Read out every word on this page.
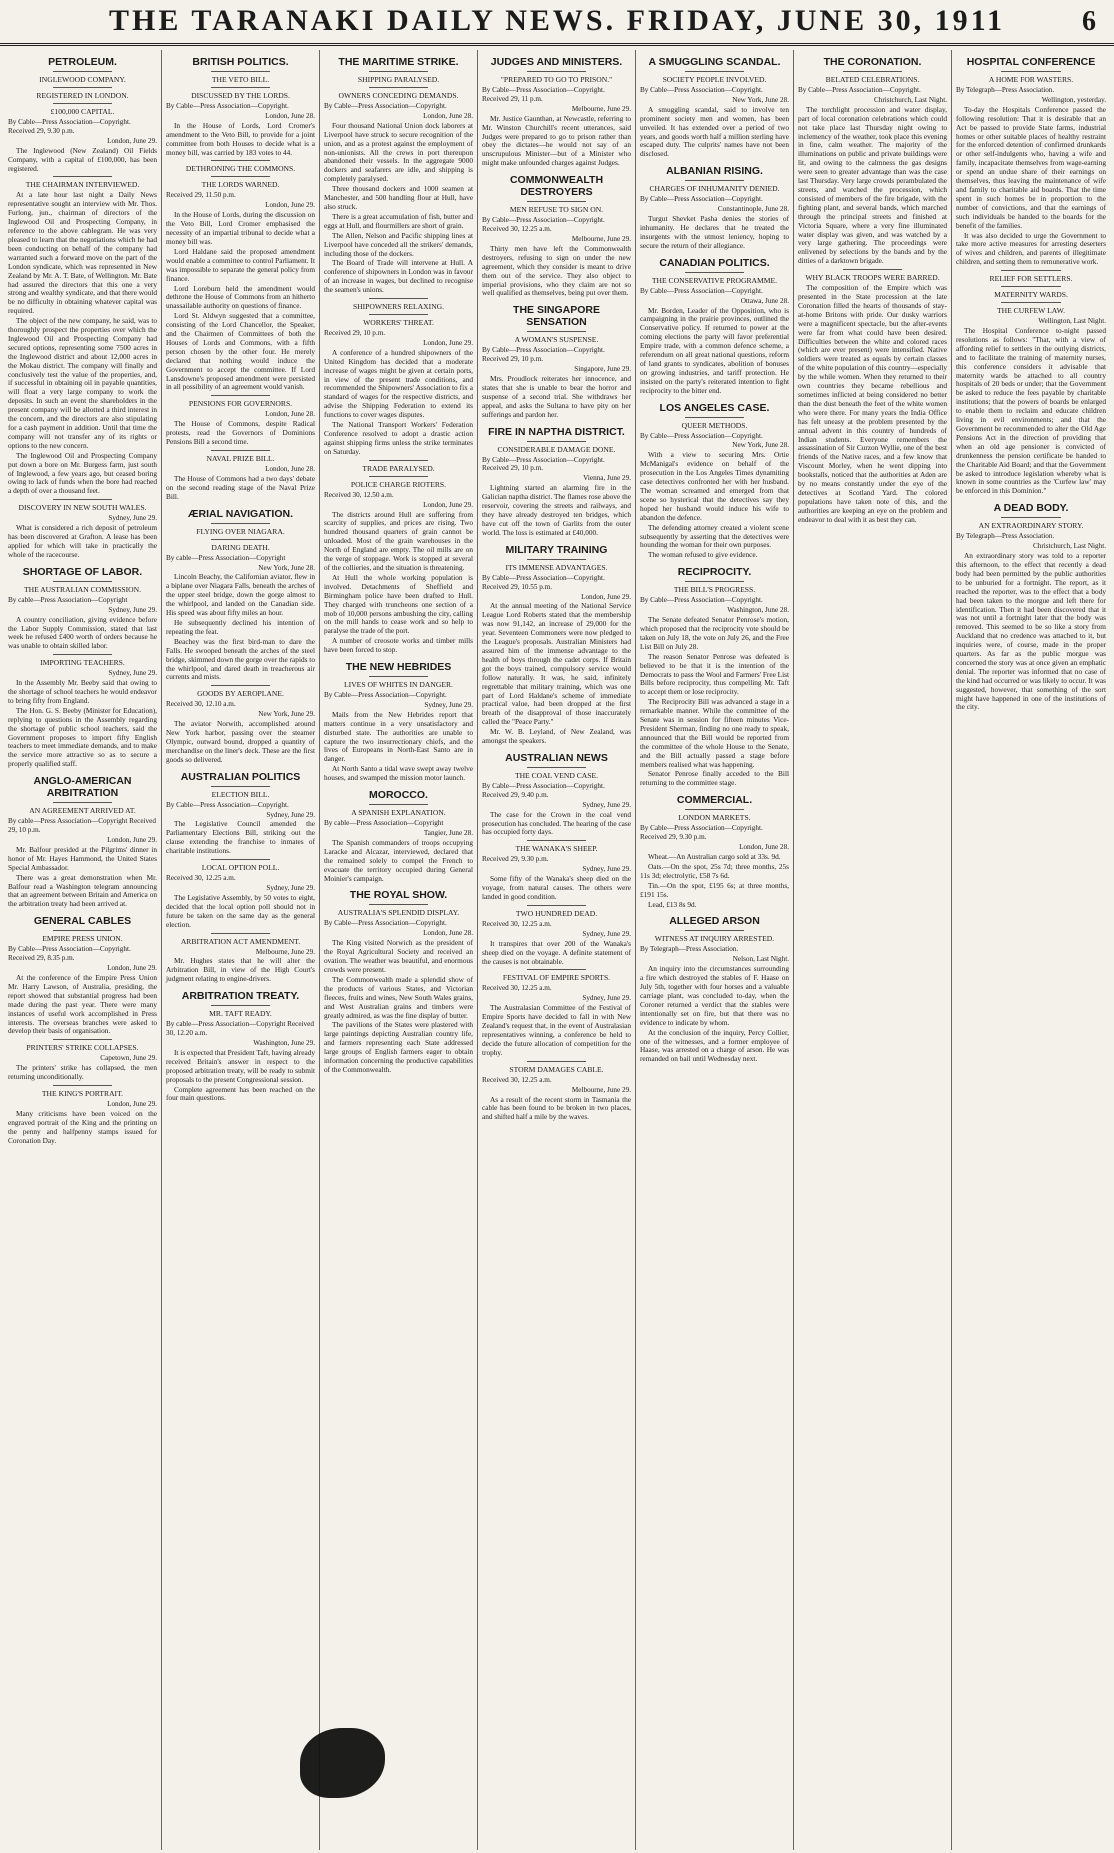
THE TARANAKI DAILY NEWS. FRIDAY, JUNE 30, 1911	6
PETROLEUM.
INGLEWOOD COMPANY.
REGISTERED IN LONDON.
£100,000 CAPITAL.
By Cable—Press Association—Copyright. Received 29, 9.30 p.m.
London, June 29.

The Inglewood (New Zealand) Oil Fields Company, with a capital of £100,000, has been registered.

THE CHAIRMAN INTERVIEWED.

At a late hour last night a Daily News representative sought an interview with Mr. Thos. Furlong, jun., chairman of directors of the Inglewood Oil and Prospecting Company, in reference to the above cablegram. He was very pleased to learn that the negotiations which he had been conducting on behalf of the company had warranted such a forward move on the part of the London syndicate, which was represented in New Zealand by Mr. A. T. Bate, of Wellington. Mr. Bate had assured the directors that this one a very strong and wealthy syndicate, and that there would be no difficulty in obtaining whatever capital was required.

The object of the new company, he said, was to thoroughly prospect the properties over which the Inglewood Oil and Prospecting Company had secured options, representing some 7500 acres in the Inglewood district and about 12,000 acres in the Mokau district. The company will finally and conclusively test the value of the properties, and, if successful in obtaining oil in payable quantities, will float a very large company to work the deposits. In such an event the shareholders in the present company will be allotted a third interest in the concern, and the directors are also stipulating for a cash payment in addition. Until that time the company will not transfer any of its rights or options to the new concern.

The Inglewood Oil and Prospecting Company put down a bore on Mr. Burgess farm, just south of Inglewood, a few years ago, but ceased boring owing to lack of funds when the bore had reached a depth of over a thousand feet.

DISCOVERY IN NEW SOUTH WALES.
Sydney, June 29.

What is considered a rich deposit of petroleum has been discovered at Grafton. A lease has been applied for which will take in practically the whole of the racecourse.

SHORTAGE OF LABOR.
THE AUSTRALIAN COMMISSION.
By cable—Press Association—Copyright
Sydney, June 29.

A country conciliation, giving evidence before the Labor Supply Commission, stated that last week he refused £400 worth of orders because he was unable to obtain skilled labor.

IMPORTING TEACHERS.
Sydney, June 29.

In the Assembly Mr. Beeby said that owing to the shortage of school teachers he would endeavor to bring fifty from England.

The Hon. G. S. Beeby (Minister for Education), replying to questions in the Assembly regarding the shortage of public school teachers, said the Government proposes to import fifty English teachers to meet immediate demands, and to make the service more attractive so as to secure a properly qualified staff.

ANGLO-AMERICAN ARBITRATION
AN AGREEMENT ARRIVED AT.
By cable—Press Association—Copyright Received 29, 10 p.m.
London, June 29.

Mr. Balfour presided at the Pilgrims' dinner in honor of Mr. Hayes Hammond, the United States Special Ambassador.

There was a great demonstration when Mr. Balfour read a Washington telegram announcing that an agreement between Britain and America on the arbitration treaty had been arrived at.

GENERAL CABLES
EMPIRE PRESS UNION.
By Cable—Press Association—Copyright. Received 29, 8.35 p.m.
London, June 29.

At the conference of the Empire Press Union Mr. Harry Lawson, of Australia, presiding, the report showed that substantial progress had been made during the past year. There were many instances of useful work accomplished in Press interests. The overseas branches were asked to develop their basis of organisation.

PRINTERS' STRIKE COLLAPSES.
Capetown, June 29.

The printers' strike has collapsed, the men returning unconditionally.

THE KING'S PORTRAIT.
London, June 29.

Many criticisms have been voiced on the engraved portrait of the King and the printing on the penny and halfpenny stamps issued for Coronation Day.

BRITISH POLITICS.
THE VETO BILL.
DISCUSSED BY THE LORDS.
By Cable—Press Association—Copyright.
London, June 28.

In the House of Lords, Lord Cromer's amendment to the Veto Bill, to provide for a joint committee from both Houses to decide what is a money bill, was carried by 183 votes to 44.

DETHRONING THE COMMONS.
THE LORDS WARNED.
Received 29, 11.50 p.m.
London, June 29.

In the House of Lords, during the discussion on the Veto Bill, Lord Cromer emphasised the necessity of an impartial tribunal to decide what a money bill was.

Lord Haldane said the proposed amendment would enable a committee to control Parliament. It was impossible to separate the general policy from finance.

Lord Loreburn held the amendment would dethrone the House of Commons from an hitherto unassailable authority on questions of finance.

Lord St. Aldwyn suggested that a committee, consisting of the Lord Chancellor, the Speaker, and the Chairmen of Committees of both the Houses of Lords and Commons, with a fifth person chosen by the other four. He merely declared that nothing would induce the Government to accept the committee. If Lord Lansdowne's proposed amendment were persisted in all possibility of an agreement would vanish.

PENSIONS FOR GOVERNORS.
London, June 28.

The House of Commons, despite Radical protests, read the Governors of Dominions Pensions Bill a second time.

NAVAL PRIZE BILL.
London, June 28.

The House of Commons had a two days' debate on the second reading stage of the Naval Prize Bill.

ÆRIAL NAVIGATION.
FLYING OVER NIAGARA.
DARING DEATH.
By cable—Press Association—Copyright
New York, June 28.

Lincoln Beachy, the Californian aviator, flew in a biplane over Niagara Falls, beneath the arches of the upper steel bridge, down the gorge almost to the whirlpool, and landed on the Canadian side. His speed was about fifty miles an hour.

He subsequently declined his intention of repeating the feat.

Beachey was the first bird-man to dare the Falls. He swooped beneath the arches of the steel bridge, skimmed down the gorge over the rapids to the whirlpool, and dared death in treacherous air currents and mists.

GOODS BY AEROPLANE.
Received 30, 12.10 a.m.
New York, June 29.

The aviator Norwith, accomplished around New York harbor, passing over the steamer Olympic, outward bound, dropped a quantity of merchandise on the liner's deck. These are the first goods so delivered.

AUSTRALIAN POLITICS
ELECTION BILL.
By Cable—Press Association—Copyright.
Sydney, June 29.

The Legislative Council amended the Parliamentary Elections Bill, striking out the clause extending the franchise to inmates of charitable institutions.

LOCAL OPTION POLL.
Received 30, 12.25 a.m.
Sydney, June 29.

The Legislative Assembly, by 50 votes to eight, decided that the local option poll should not in future be taken on the same day as the general election.

ARBITRATION ACT AMENDMENT.
Melbourne, June 29.

Mr. Hughes states that he will alter the Arbitration Bill, in view of the High Court's judgment relating to engine-drivers.

ARBITRATION TREATY.
MR. TAFT READY.
By cable—Press Association—Copyright Received 30, 12.20 a.m.
Washington, June 29.

It is expected that President Taft, having already received Britain's answer in respect to the proposed arbitration treaty, will be ready to submit proposals to the present Congressional session.

Complete agreement has been reached on the four main questions.

THE MARITIME STRIKE.
SHIPPING PARALYSED.
OWNERS CONCEDING DEMANDS.
By Cable—Press Association—Copyright.
London, June 28.

Four thousand National Union dock laborers at Liverpool have struck to secure recognition of the union, and as a protest against the employment of non-unionists. All the crews in port thereupon abandoned their vessels. In the aggregate 9000 dockers and seafarers are idle, and shipping is completely paralysed.

Three thousand dockers and 1000 seamen at Manchester, and 500 handling flour at Hull, have also struck.

There is a great accumulation of fish, butter and eggs at Hull, and flourmillers are short of grain.

The Allen, Nelson and Pacific shipping lines at Liverpool have conceded all the strikers' demands, including those of the dockers.

The Board of Trade will intervene at Hull. A conference of shipowners in London was in favour of an increase in wages, but declined to recognise the seamen's unions.

SHIPOWNERS RELAXING.
WORKERS' THREAT.
Received 29, 10 p.m.
London, June 29.

A conference of a hundred shipowners of the United Kingdom has decided that a moderate increase of wages might be given at certain ports, in view of the present trade conditions, and recommended the Shipowners' Association to fix a standard of wages for the respective districts, and advise the Shipping Federation to extend its functions to cover wages disputes.

The National Transport Workers' Federation Conference resolved to adopt a drastic action against shipping firms unless the strike terminates on Saturday.

TRADE PARALYSED.
POLICE CHARGE RIOTERS.
Received 30, 12.50 a.m.
London, June 29.

The districts around Hull are suffering from scarcity of supplies, and prices are rising. Two hundred thousand quarters of grain cannot be unloaded. Most of the grain warehouses in the North of England are empty. The oil mills are on the verge of stoppage. Work is stopped at several of the collieries, and the situation is threatening.

At Hull the whole working population is involved. Detachments of Sheffield and Birmingham police have been drafted to Hull. They charged with truncheons one section of a mob of 10,000 persons ambushing the city, calling on the mill hands to cease work and so help to paralyse the trade of the port.

A number of creosote works and timber mills have been forced to stop.

THE NEW HEBRIDES
LIVES OF WHITES IN DANGER.
By Cable—Press Association—Copyright.
Sydney, June 29.

Mails from the New Hebrides report that matters continue in a very unsatisfactory and disturbed state. The authorities are unable to capture the two insurrectionary chiefs, and the lives of Europeans in North-East Santo are in danger.

At North Santo a tidal wave swept away twelve houses, and swamped the mission motor launch.

MOROCCO.
A SPANISH EXPLANATION.
By cable—Press Association—Copyright
Tangier, June 28.

The Spanish commanders of troops occupying Laracke and Alcazar, interviewed, declared that the remained solely to compel the French to evacuate the territory occupied during General Moinier's campaign.

THE ROYAL SHOW.
AUSTRALIA'S SPLENDID DISPLAY.
By Cable—Press Association—Copyright.
London, June 28.

The King visited Norwich as the president of the Royal Agricultural Society and received an ovation. The weather was beautiful, and enormous crowds were present.

The Commonwealth made a splendid show of the products of various States, and Victorian fleeces, fruits and wines, New South Wales grains, and West Australian grains and timbers were greatly admired, as was the fine display of butter.

The pavilions of the States were plastered with large paintings depicting Australian country life, and farmers representing each State addressed large groups of English farmers eager to obtain information concerning the productive capabilities of the Commonwealth.

JUDGES AND MINISTERS.
"PREPARED TO GO TO PRISON."
By Cable—Press Association—Copyright. Received 29, 11 p.m.
Melbourne, June 29.

Mr. Justice Gaunthan, at Newcastle, referring to Mr. Winston Churchill's recent utterances, said Judges were prepared to go to prison rather than obey the dictates—he would not say of an unscrupulous Minister—but of a Minister who might make unfounded charges against Judges.

COMMONWEALTH DESTROYERS
MEN REFUSE TO SIGN ON.
By Cable—Press Association—Copyright. Received 30, 12.25 a.m.
Melbourne, June 29.

Thirty men have left the Commonwealth destroyers, refusing to sign on under the new agreement, which they consider is meant to drive them out of the service. They also object to imperial provisions, who they claim are not so well qualified as themselves, being put over them.

THE SINGAPORE SENSATION
A WOMAN'S SUSPENSE.
By Cable—Press Association—Copyright. Received 29, 10 p.m.
Singapore, June 29.

Mrs. Proudlock reiterates her innocence, and states that she is unable to bear the horror and suspense of a second trial. She withdraws her appeal, and asks the Sultana to have pity on her sufferings and pardon her.

FIRE IN NAPTHA DISTRICT.
CONSIDERABLE DAMAGE DONE.
By Cable—Press Association—Copyright. Received 29, 10 p.m.
Vienna, June 29.

Lightning started an alarming fire in the Galician naptha district. The flames rose above the reservoir, covering the streets and railways, and they have already destroyed ten bridges, which have cut off the town of Garlits from the outer world. The loss is estimated at £40,000.

MILITARY TRAINING
ITS IMMENSE ADVANTAGES.
By Cable—Press Association—Copyright. Received 29, 10.55 p.m.
London, June 29.

At the annual meeting of the National Service League Lord Roberts stated that the membership was now 91,142, an increase of 29,000 for the year. Seventeen Commoners were now pledged to the League's proposals. Australian Ministers had assured him of the immense advantage to the health of boys through the cadet corps. If Britain got the boys trained, compulsory service would follow naturally. It was, he said, infinitely regrettable that military training, which was one part of Lord Haldane's scheme of immediate practical value, had been dropped at the first breath of the disapproval of those inaccurately called the "Peace Party."

Mr. W. B. Leyland, of New Zealand, was amongst the speakers.

AUSTRALIAN NEWS
THE COAL VEND CASE.
By Cable—Press Association—Copyright. Received 29, 9.40 p.m.
Sydney, June 29.

The case for the Crown in the coal vend prosecution has concluded. The hearing of the case has occupied forty days.

THE WANAKA'S SHEEP.
Received 29, 9.30 p.m.
Sydney, June 29.

Some fifty of the Wanaka's sheep died on the voyage, from natural causes. The others were landed in good condition.

TWO HUNDRED DEAD.
Received 30, 12.25 a.m.
Sydney, June 29.

It transpires that over 200 of the Wanaka's sheep died on the voyage. A definite statement of the causes is not obtainable.

FESTIVAL OF EMPIRE SPORTS.
Received 30, 12.25 a.m.
Sydney, June 29.

The Australasian Committee of the Festival of Empire Sports have decided to fall in with New Zealand's request that, in the event of Australasian representatives winning, a conference be held to decide the future allocation of competition for the trophy.

STORM DAMAGES CABLE.
Received 30, 12.25 a.m.
Melbourne, June 29.

As a result of the recent storm in Tasmania the cable has been found to be broken in two places, and shifted half a mile by the waves.

A SMUGGLING SCANDAL.
SOCIETY PEOPLE INVOLVED.
By Cable—Press Association—Copyright.
New York, June 28.

A smuggling scandal, said to involve ten prominent society men and women, has been unveiled. It has extended over a period of two years, and goods worth half a million sterling have escaped duty. The culprits' names have not been disclosed.

ALBANIAN RISING.
CHARGES OF INHUMANITY DENIED.
By Cable—Press Association—Copyright.
Constantinople, June 28.

Turgut Shevket Pasha denies the stories of inhumanity. He declares that he treated the insurgents with the utmost leniency, hoping to secure the return of their allegiance.

CANADIAN POLITICS.
THE CONSERVATIVE PROGRAMME.
By Cable—Press Association—Copyright.
Ottawa, June 28.

Mr. Borden, Leader of the Opposition, who is campaigning in the prairie provinces, outlined the Conservative policy. If returned to power at the coming elections the party will favor preferential Empire trade, with a common defence scheme, a referendum on all great national questions, reform of land grants to syndicates, abolition of bonuses on growing industries, and tariff protection. He insisted on the party's reiterated intention to fight reciprocity to the bitter end.

LOS ANGELES CASE.
QUEER METHODS.
By Cable—Press Association—Copyright.
New York, June 28.

With a view to securing Mrs. Ortie McManigal's evidence on behalf of the prosecution in the Los Angeles Times dynamiting case detectives confronted her with her husband. The woman screamed and emerged from that scene so hysterical that the detectives say they hoped her husband would induce his wife to abandon the defence.

The defending attorney created a violent scene subsequently by asserting that the detectives were hounding the woman for their own purposes.

The woman refused to give evidence.

RECIPROCITY.
THE BILL'S PROGRESS.
By Cable—Press Association—Copyright.
Washington, June 28.

The Senate defeated Senator Penrose's motion, which proposed that the reciprocity vote should be taken on July 18, the vote on July 26, and the Free List Bill on July 28.

The reason Senator Penrose was defeated is believed to be that it is the intention of the Democrats to pass the Wool and Farmers' Free List Bills before reciprocity, thus compelling Mr. Taft to accept them or lose reciprocity.

The Reciprocity Bill was advanced a stage in a remarkable manner. While the committee of the Senate was in session for fifteen minutes Vice-President Sherman, finding no one ready to speak, announced that the Bill would be reported from the committee of the whole House to the Senate, and the Bill actually passed a stage before members realised what was happening.

Senator Penrose finally acceded to the Bill returning to the committee stage.

COMMERCIAL.
LONDON MARKETS.
By Cable—Press Association—Copyright. Received 29, 9.30 p.m.
London, June 28.

Wheat.—An Australian cargo sold at 33s. 9d.

Oats.—On the spot, 25s 7d; three months, 25s 11s 3d; electrolytic, £58 7s 6d.

Tin.—On the spot, £195 6s; at three months, £191 15s.

Lead, £13 8s 9d.

ALLEGED ARSON
WITNESS AT INQUIRY ARRESTED.
By Telegraph—Press Association.
Nelson, Last Night.

An inquiry into the circumstances surrounding a fire which destroyed the stables of F. Haase on July 5th, together with four horses and a valuable carriage plant, was concluded to-day, when the Coroner returned a verdict that the stables were intentionally set on fire, but that there was no evidence to indicate by whom.

At the conclusion of the inquiry, Percy Collier, one of the witnesses, and a former employee of Haase, was arrested on a charge of arson. He was remanded on bail until Wednesday next.

THE CORONATION.
BELATED CELEBRATIONS.
By Cable—Press Association—Copyright.
Christchurch, Last Night.

The torchlight procession and water display, part of local coronation celebrations which could not take place last Thursday night owing to inclemency of the weather, took place this evening in fine, calm weather. The majority of the illuminations on public and private buildings were lit, and owing to the calmness the gas designs were seen to greater advantage than was the case last Thursday. Very large crowds perambulated the streets, and watched the procession, which consisted of members of the fire brigade, with the fighting plant, and several bands, which marched through the principal streets and finished at Victoria Square, where a very fine illuminated water display was given, and was watched by a very large gathering. The proceedings were enlivened by selections by the bands and by the ditties of a darktown brigade.

WHY BLACK TROOPS WERE BARRED.

The composition of the Empire which was presented in the State procession at the late Coronation filled the hearts of thousands of stay-at-home Britons with pride. Our dusky warriors were a magnificent spectacle, but the after-events were far from what could have been desired. Difficulties between the white and colored races (which are ever present) were intensified. Native soldiers were treated as equals by certain classes of the white population of this country—especially by the while women. When they returned to their own countries they became rebellious and sometimes inflicted at being considered no better than the dust beneath the feet of the white women who were there. For many years the India Office has felt uneasy at the problem presented by the annual advent in this country of hundreds of Indian students. Everyone remembers the assassination of Sir Curzon Wyllie, one of the best friends of the Native races, and a few know that Viscount Morley, when he went dipping into bookstalls, noticed that the authorities at Aden are by no means constantly under the eye of the detectives at Scotland Yard. The colored populations have taken note of this, and the authorities are keeping an eye on the problem and endeavor to deal with it as best they can.

HOSPITAL CONFERENCE
A HOME FOR WASTERS.
By Telegraph—Press Association.
Wellington, yesterday.

To-day the Hospitals Conference passed the following resolution: That it is desirable that an Act be passed to provide State farms, industrial homes or other suitable places of healthy restraint for the enforced detention of confirmed drunkards or other self-indulgents who, having a wife and family, incapacitate themselves from wage-earning or spend an undue share of their earnings on themselves, thus leaving the maintenance of wife and family to charitable aid boards. That the time spent in such homes be in proportion to the number of convictions, and that the earnings of such individuals be handed to the boards for the benefit of the families.

It was also decided to urge the Government to take more active measures for arresting deserters of wives and children, and parents of illegitimate children, and setting them to remunerative work.

RELIEF FOR SETTLERS.
MATERNITY WARDS.
THE CURFEW LAW.
Wellington, Last Night.

The Hospital Conference to-night passed resolutions as follows: "That, with a view of affording relief to settlers in the outlying districts, and to facilitate the training of maternity nurses, this conference considers it advisable that maternity wards be attached to all country hospitals of 20 beds or under; that the Government be asked to reduce the fees payable by charitable institutions; that the powers of boards be enlarged to enable them to reclaim and educate children living in evil environments; and that the Government be recommended to alter the Old Age Pensions Act in the direction of providing that when an old age pensioner is convicted of drunkenness the pension certificate be handed to the Charitable Aid Board; and that the Government be asked to introduce legislation whereby what is known in some countries as the 'Curfew law' may be enforced in this Dominion."

A DEAD BODY.
AN EXTRAORDINARY STORY.
By Telegraph—Press Association.
Christchurch, Last Night.

An extraordinary story was told to a reporter this afternoon, to the effect that recently a dead body had been permitted by the public authorities to be unburied for a fortnight. The report, as it reached the reporter, was to the effect that a body had been taken to the morgue and left there for identification. Then it had been discovered that it was not until a fortnight later that the body was removed. This seemed to be so like a story from Auckland that no credence was attached to it, but inquiries were, of course, made in the proper quarters. As far as the public morgue was concerned the story was at once given an emphatic denial. The reporter was informed that no case of the kind had occurred or was likely to occur. It was suggested, however, that something of the sort might have happened in one of the institutions of the city.
